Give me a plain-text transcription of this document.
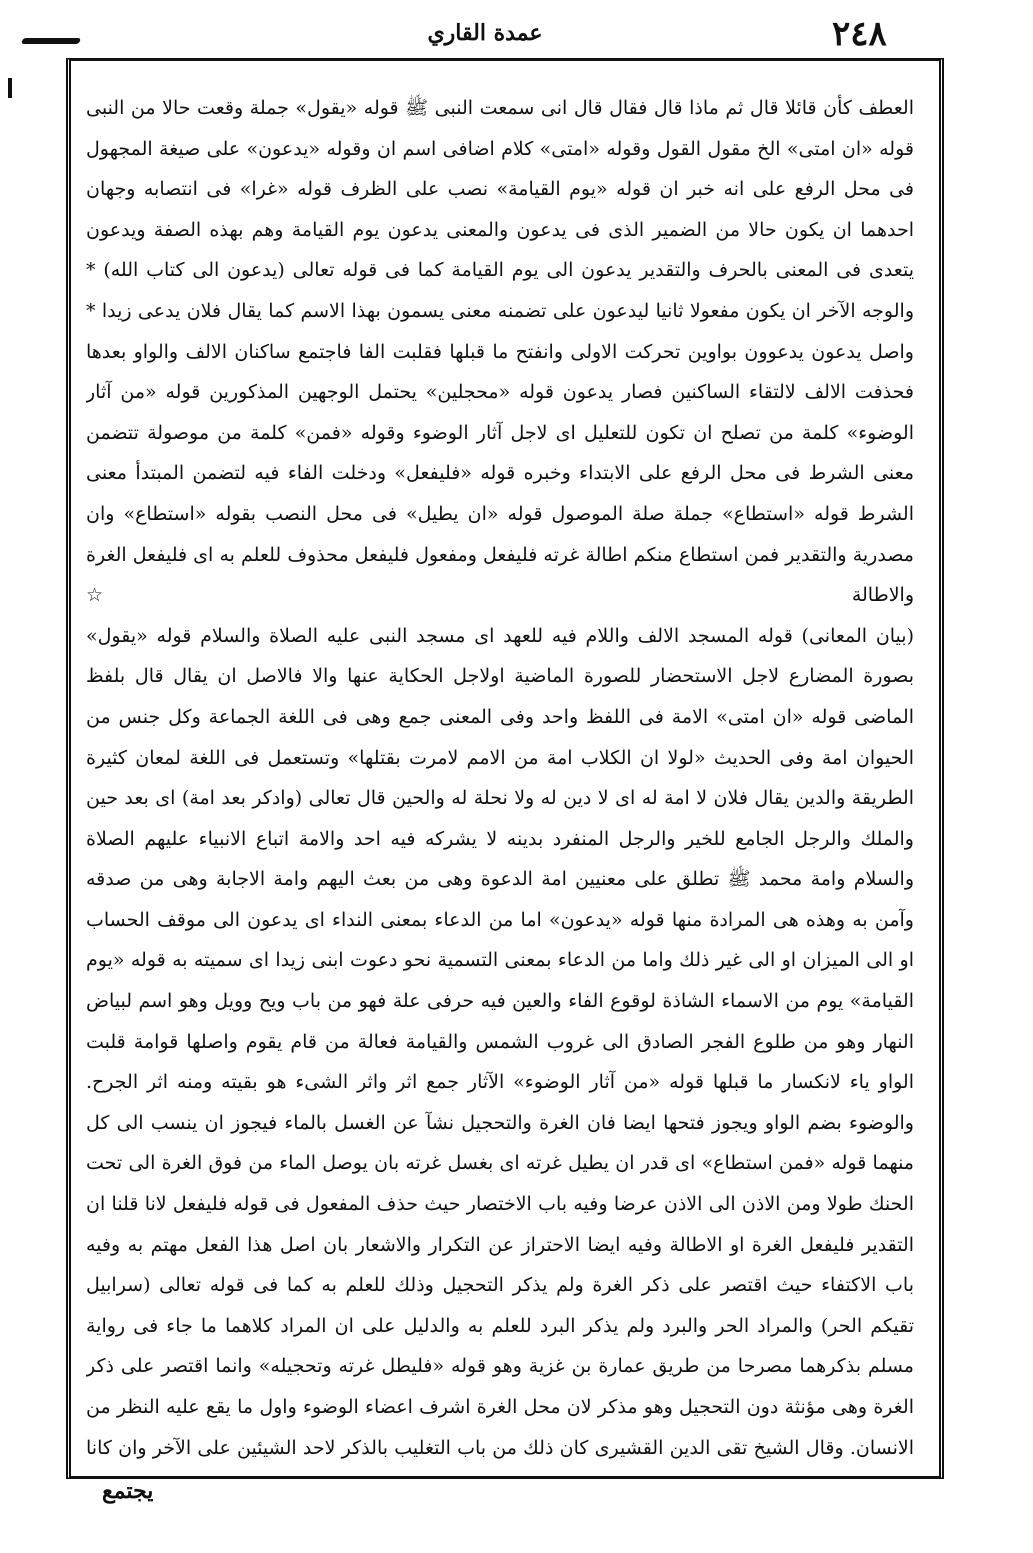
عمدة القاري	٢٤٨

العطف كأن قائلا قال ثم ماذا قال فقال قال انى سمعت النبى ﷺ قوله «يقول» جملة وقعت حالا من النبى قوله «ان امتى» الخ مقول القول وقوله «امتى» كلام اضافى اسم ان وقوله «يدعون» على صيغة المجهول فى محل الرفع على انه خبر ان قوله «يوم القيامة» نصب على الظرف قوله «غرا» فى انتصابه وجهان احدهما ان يكون حالا من الضمير الذى فى يدعون والمعنى يدعون يوم القيامة وهم بهذه الصفة ويدعون يتعدى فى المعنى بالحرف والتقدير يدعون الى يوم القيامة كما فى قوله تعالى (يدعون الى كتاب الله) * والوجه الآخر ان يكون مفعولا ثانيا ليدعون على تضمنه معنى يسمون بهذا الاسم كما يقال فلان يدعى زيدا * واصل يدعون يدعوون بواوين تحركت الاولى وانفتح ما قبلها فقلبت الفا فاجتمع ساكنان الالف والواو بعدها فحذفت الالف لالتقاء الساكنين فصار يدعون قوله «محجلين» يحتمل الوجهين المذكورين قوله «من آثار الوضوء» كلمة من تصلح ان تكون للتعليل اى لاجل آثار الوضوء وقوله «فمن» كلمة من موصولة تتضمن معنى الشرط فى محل الرفع على الابتداء وخبره قوله «فليفعل» ودخلت الفاء فيه لتضمن المبتدأ معنى الشرط قوله «استطاع» جملة صلة الموصول قوله «ان يطيل» فى محل النصب بقوله «استطاع» وان مصدرية والتقدير فمن استطاع منكم اطالة غرته فليفعل ومفعول فليفعل محذوف للعلم به اى فليفعل الغرة والاطالة ☆

(بيان المعانى) قوله المسجد الالف واللام فيه للعهد اى مسجد النبى عليه الصلاة والسلام قوله «يقول» بصورة المضارع لاجل الاستحضار للصورة الماضية اولاجل الحكاية عنها والا فالاصل ان يقال قال بلفظ الماضى قوله «ان امتى» الامة فى اللفظ واحد وفى المعنى جمع وهى فى اللغة الجماعة وكل جنس من الحيوان امة وفى الحديث «لولا ان الكلاب امة من الامم لامرت بقتلها» وتستعمل فى اللغة لمعان كثيرة الطريقة والدين يقال فلان لا امة له اى لا دين له ولا نحلة له والحين قال تعالى (وادكر بعد امة) اى بعد حين والملك والرجل الجامع للخير والرجل المنفرد بدينه لا يشركه فيه احد والامة اتباع الانبياء عليهم الصلاة والسلام وامة محمد ﷺ تطلق على معنيين امة الدعوة وهى من بعث اليهم وامة الاجابة وهى من صدقه وآمن به وهذه هى المرادة منها قوله «يدعون» اما من الدعاء بمعنى النداء اى يدعون الى موقف الحساب او الى الميزان او الى غير ذلك واما من الدعاء بمعنى التسمية نحو دعوت ابنى زيدا اى سميته به قوله «يوم القيامة» يوم من الاسماء الشاذة لوقوع الفاء والعين فيه حرفى علة فهو من باب ويح وويل وهو اسم لبياض النهار وهو من طلوع الفجر الصادق الى غروب الشمس والقيامة فعالة من قام يقوم واصلها قوامة قلبت الواو ياء لانكسار ما قبلها قوله «من آثار الوضوء» الآثار جمع اثر واثر الشىء هو بقيته ومنه اثر الجرح. والوضوء بضم الواو ويجوز فتحها ايضا فان الغرة والتحجيل نشآ عن الغسل بالماء فيجوز ان ينسب الى كل منهما قوله «فمن استطاع» اى قدر ان يطيل غرته اى بغسل غرته بان يوصل الماء من فوق الغرة الى تحت الحنك طولا ومن الاذن الى الاذن عرضا وفيه باب الاختصار حيث حذف المفعول فى قوله فليفعل لانا قلنا ان التقدير فليفعل الغرة او الاطالة وفيه ايضا الاحتراز عن التكرار والاشعار بان اصل هذا الفعل مهتم به وفيه باب الاكتفاء حيث اقتصر على ذكر الغرة ولم يذكر التحجيل وذلك للعلم به كما فى قوله تعالى (سرابيل تقيكم الحر) والمراد الحر والبرد ولم يذكر البرد للعلم به والدليل على ان المراد كلاهما ما جاء فى رواية مسلم بذكرهما مصرحا من طريق عمارة بن غزية وهو قوله «فليطل غرته وتحجيله» وانما اقتصر على ذكر الغرة وهى مؤنثة دون التحجيل وهو مذكر لان محل الغرة اشرف اعضاء الوضوء واول ما يقع عليه النظر من الانسان. وقال الشيخ تقى الدين القشيرى كان ذلك من باب التغليب بالذكر لاحد الشيئين على الآخر وان كانا

يجتمع
